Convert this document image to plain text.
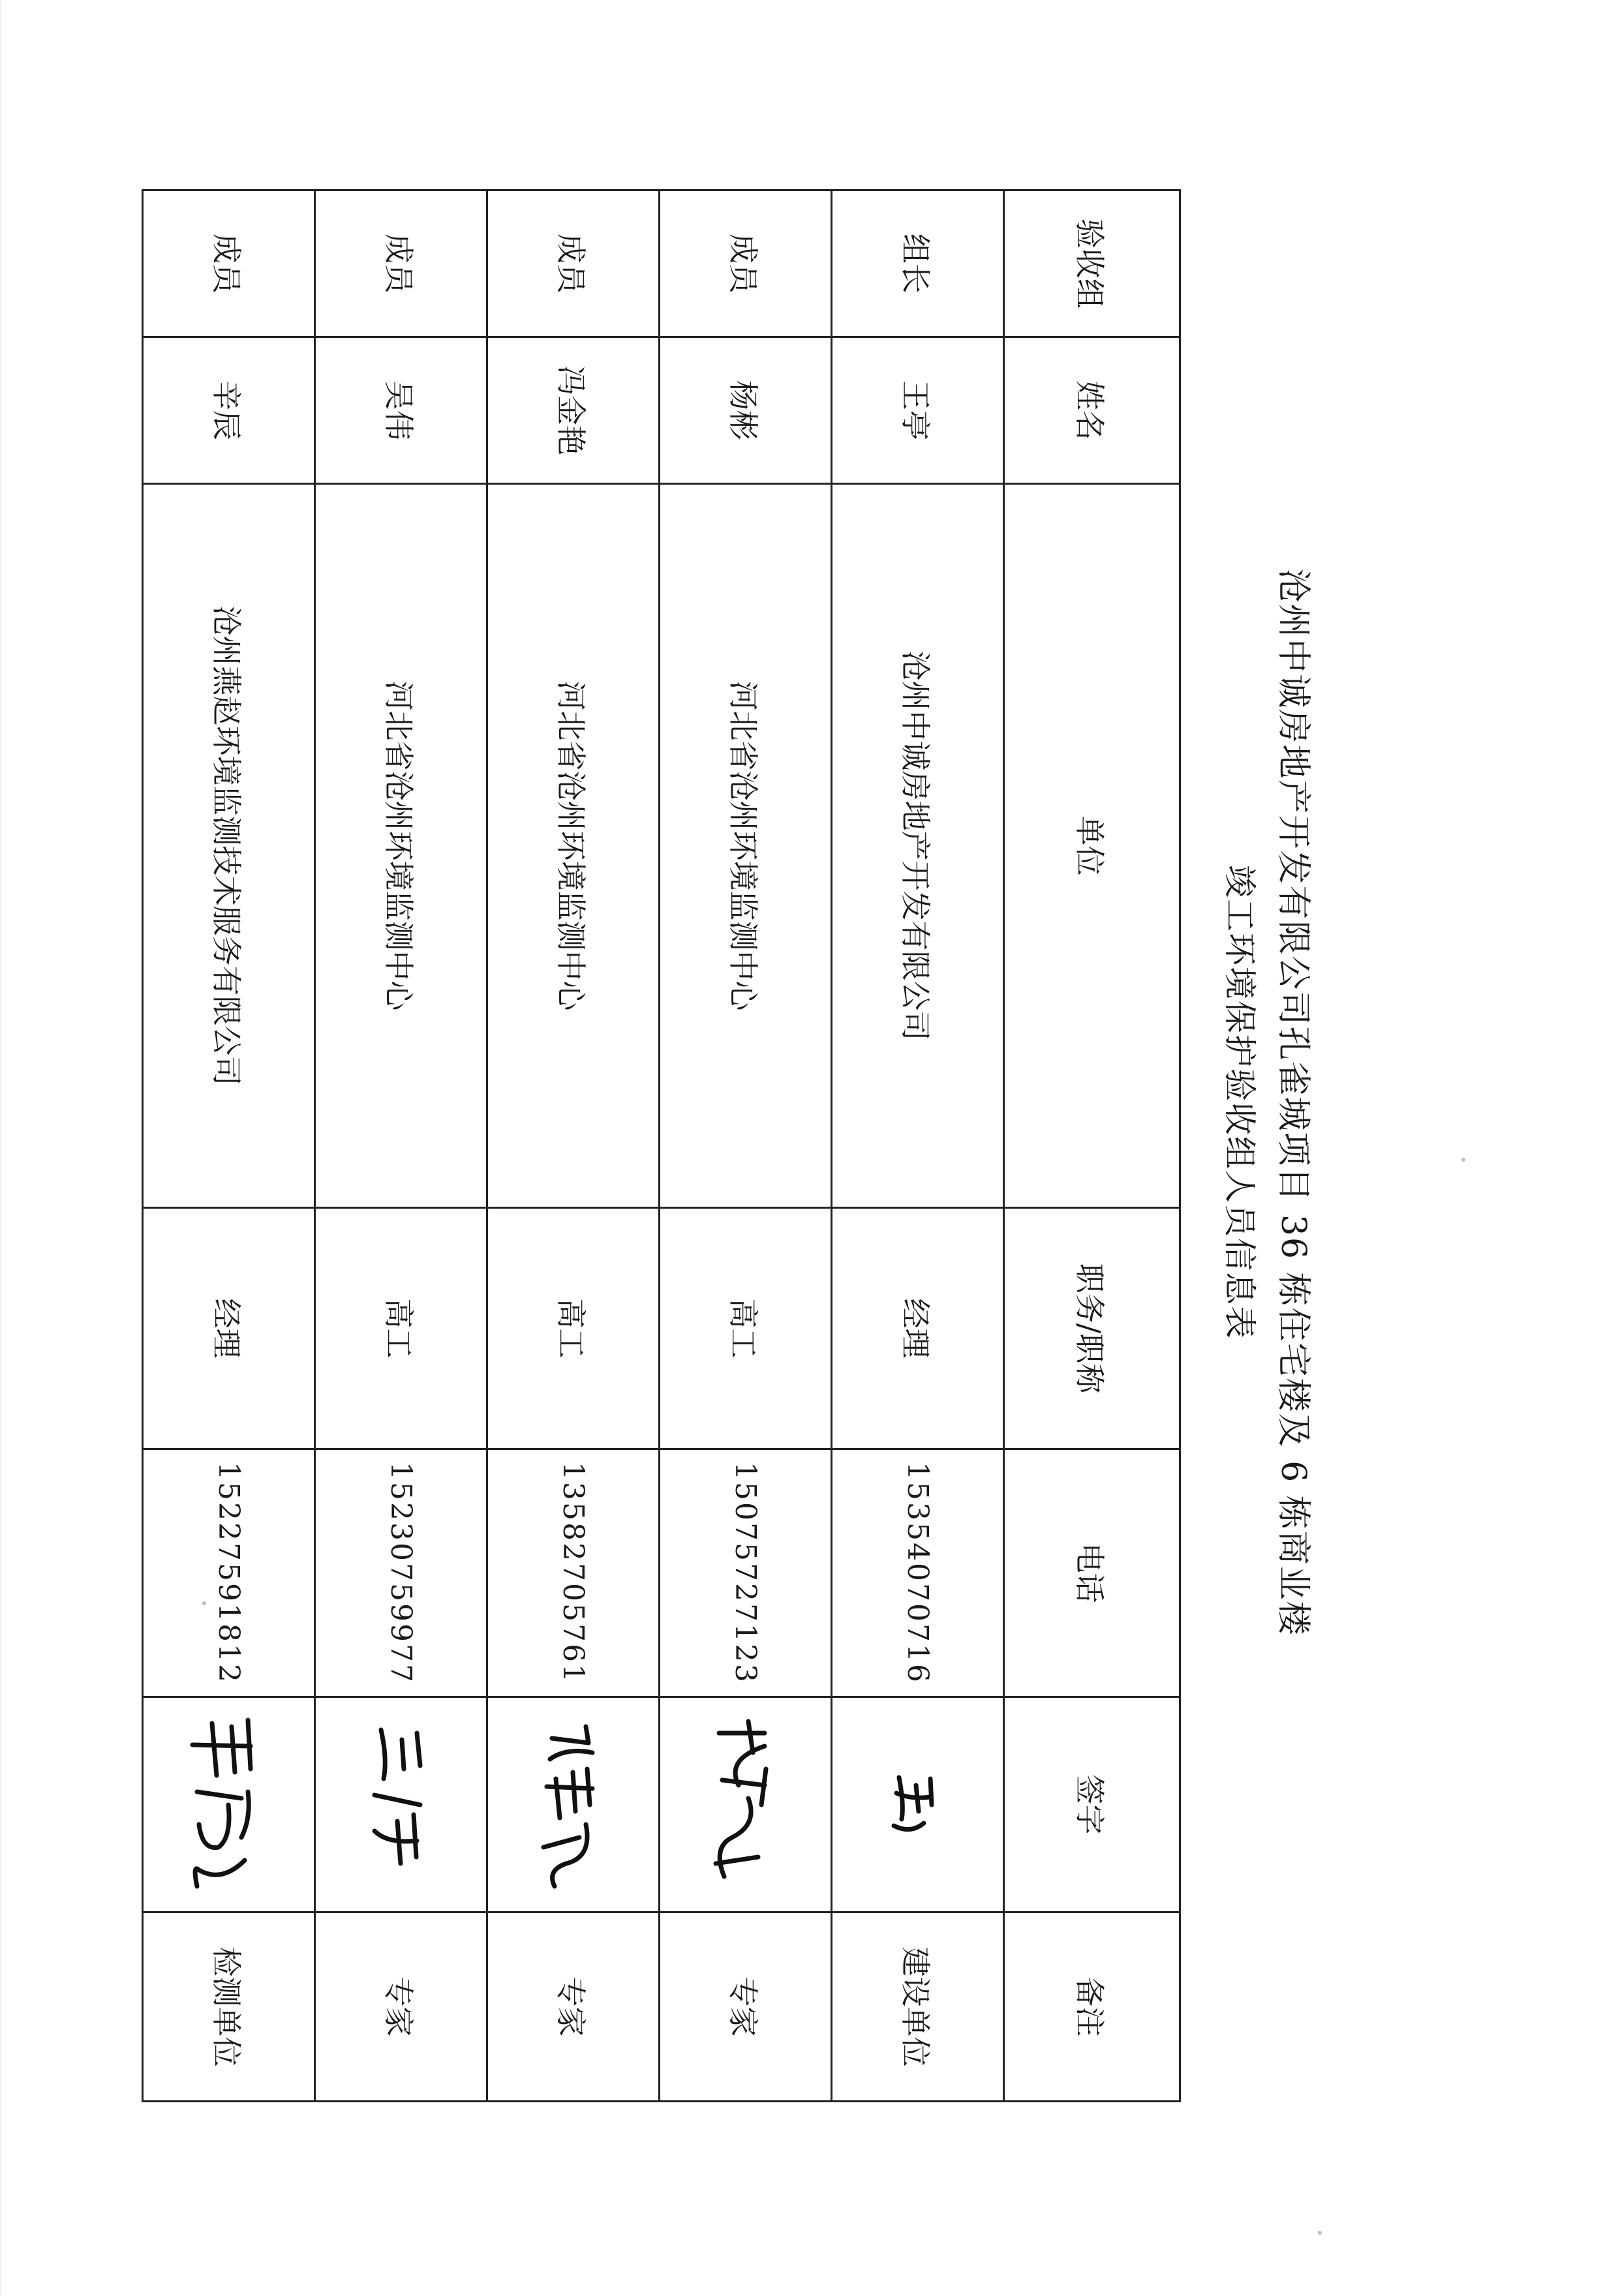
沧州中诚房地产开发有限公司孔雀城项目 36 栋住宅楼及 6 栋商业楼
竣工环境保护验收组人员信息表
验收组	姓名	单位	职务/职称	电话	签字	备注
组长	王亭	沧州中诚房地产开发有限公司	经理	15354070716		建设单位
成员	杨彬	河北省沧州环境监测中心	高工	15075727123		专家
成员	冯金艳	河北省沧州环境监测中心	高工	13582705761		专家
成员	吴伟	河北省沧州环境监测中心	高工	15230759977		专家
成员	辛辰	沧州燕赵环境监测技术服务有限公司	经理	15227591812		检测单位
